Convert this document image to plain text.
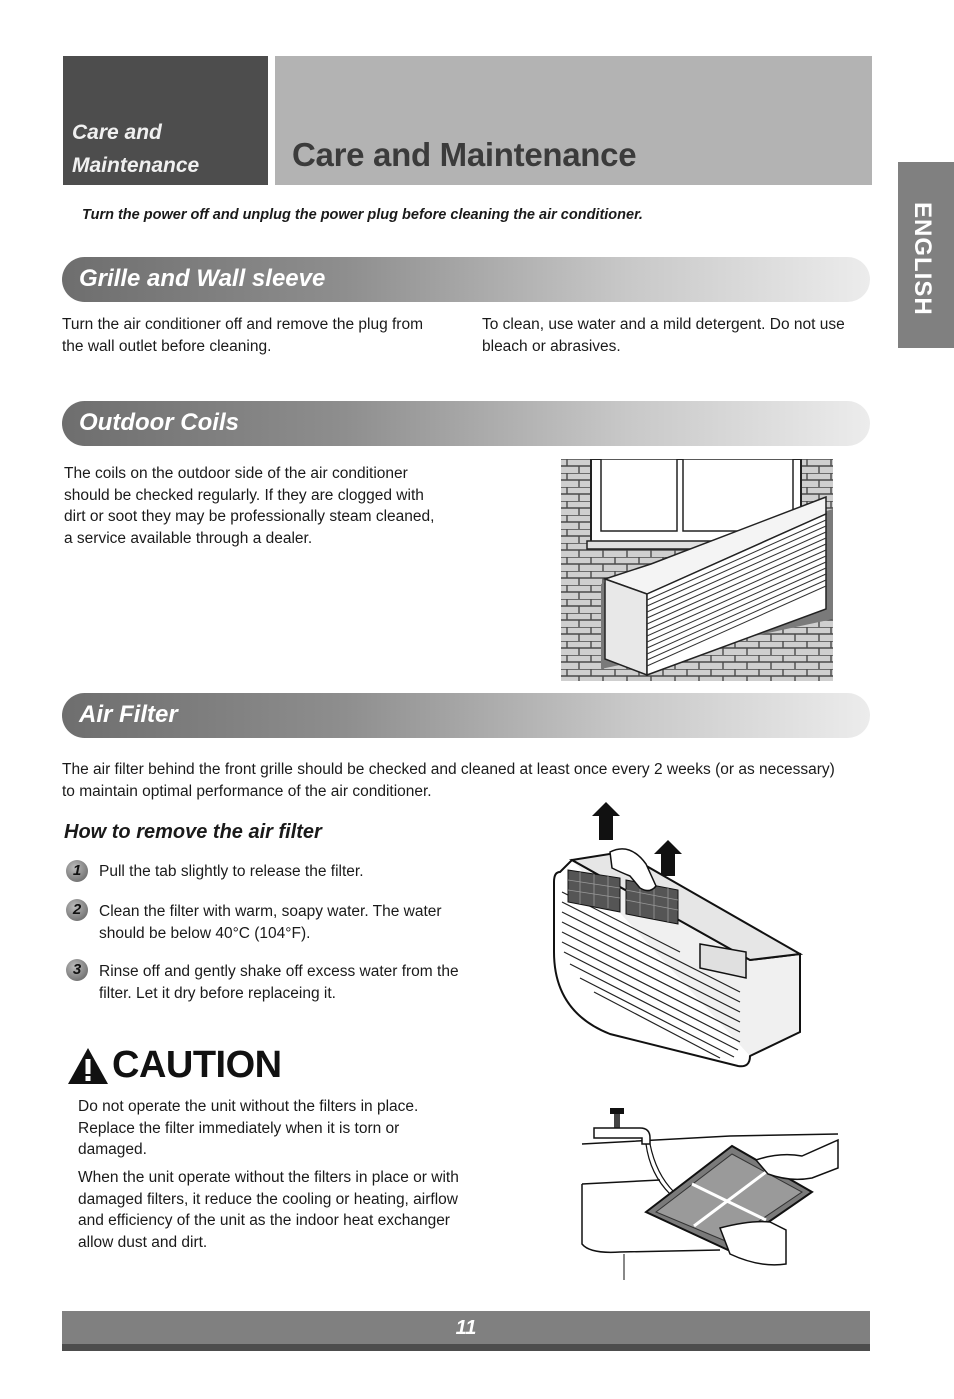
Care and
Maintenance	Care and Maintenance
ENGLISH
Turn the power off and unplug the power plug before cleaning the air conditioner.
Grille and Wall sleeve
Turn the air conditioner off and remove the plug from
the wall outlet before cleaning.
To clean, use water and a mild detergent. Do not use
bleach or abrasives.
Outdoor Coils
The coils on the outdoor side of the air conditioner
should be checked regularly. If they are clogged with
dirt or soot they may be professionally steam cleaned,
a service available through a dealer.
Air Filter
The air filter behind the front grille should be checked and cleaned at least once every 2 weeks (or as necessary)
to maintain optimal performance of the air conditioner.
How to remove the air filter
1	Pull the tab slightly to release the filter.
2	Clean the filter with warm, soapy water. The water
should be below 40°C (104°F).
3	Rinse off and gently shake off excess water from the
filter. Let it dry before replaceing it.
CAUTION
Do not operate the unit without the filters in place.
Replace the filter immediately when it is torn or
damaged.
When the unit operate without the filters in place or with
damaged filters, it reduce the cooling or heating, airflow
and efficiency of the unit as the indoor heat exchanger
allow dust and dirt.
11
